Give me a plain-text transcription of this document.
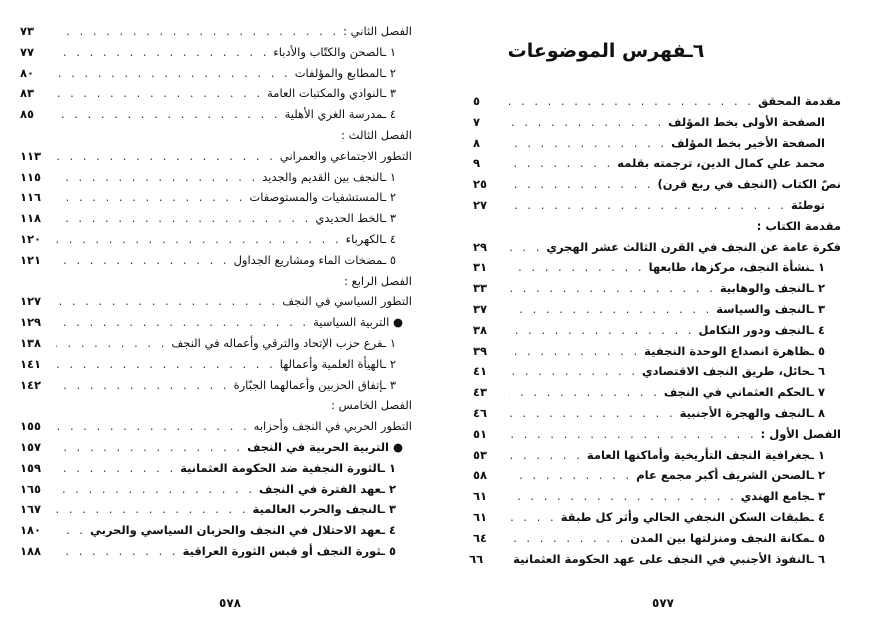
الفصل الثاني :
. . .
٧٣
١ ـالصحن والكتّاب والأدباء
. . .
٧٧
٢ ـالمطابع والمؤلفات
. . .
٨٠
٣ ـالنوادي والمكتبات العامة
. . .
٨٣
٤ ـمدرسة الغري الأهلية
. . .
٨٥
الفصل الثالث :
التطور الاجتماعي والعمراني
. . .
١١٣
١ ـالنجف بين القديم والجديد
. . .
١١٥
٢ ـالمستشفيات والمستوصفات
. . .
١١٦
٣ ـالخط الحديدي
. . .
١١٨
٤ ـالكهرباء
. . .
١٢٠
٥ ـمضخات الماء ومشاريع الجداول
. . .
١٢١
الفصل الرابع :
التطور السياسي في النجف
. . .
١٢٧
● التربية السياسية
. . .
١٢٩
١ ـفرع حزب الإتحاد والترقي وأعماله في النجف
. . .
١٣٨
٢ ـالهيأة العلمية وأعمالها
. . .
١٤١
٣ ـإتفاق الحزبين وأعمالهما الجبّارة
. . .
١٤٢
الفصل الخامس :
التطور الحربي في النجف وأحزابه
. . .
١٥٥
● التربية الحربية في النجف
. . .
١٥٧
١ ـالثورة النجفية ضد الحكومة العثمانية
. . .
١٥٩
٢ ـعهد الفترة في النجف
. . .
١٦٥
٣ ـالنجف والحرب العالمية
. . .
١٦٧
٤ ـعهد الاحتلال في النجف والحزبان السياسي والحربي
. . .
١٨٠
٥ ـثورة النجف أو قبس الثورة العراقية
. . .
١٨٨
٥٧٨
٦ـفهرس الموضوعات
مقدمة المحقق
. . .
٥
الصفحة الأولى بخط المؤلف
. . .
٧
الصفحة الأخير بخط المؤلف
. . .
٨
محمد علي كمال الدين، ترجمته بقلمه
. . .
٩
نصّ الكتاب (النجف في ربع قرن)
. . .
٢٥
توطئة
. . .
٢٧
مقدمة الكتاب :
فكرة عامة عن النجف في القرن الثالث عشر الهجري
. . .
٢٩
١ ـنشأة النجف، مركزها، طابعها
. . .
٣١
٢ ـالنجف والوهابية
. . .
٣٣
٣ ـالنجف والسياسة
. . .
٣٧
٤ ـالنجف ودور التكامل
. . .
٣٨
٥ ـظاهرة انصداع الوحدة النجفية
. . .
٣٩
٦ ـحائل، طريق النجف الاقتصادي
. . .
٤١
٧ ـالحكم العثماني في النجف
. . .
٤٣
٨ ـالنجف والهجرة الأجنبية
. . .
٤٦
الفصل الأول :
. . .
٥١
١ ـجغرافية النجف التأريخية وأماكنها العامة
. . .
٥٣
٢ ـالصحن الشريف أكبر مجمع عام
. . .
٥٨
٣ ـجامع الهندي
. . .
٦١
٤ ـطبقات السكن النجفي الحالي وأثر كل طبقة
. . .
٦١
٥ ـمكانة النجف ومنزلتها بين المدن
. . .
٦٤
٦ ـالنفوذ الأجنبي في النجف على عهد الحكومة العثمانية
. . .
٦٦
٥٧٧
